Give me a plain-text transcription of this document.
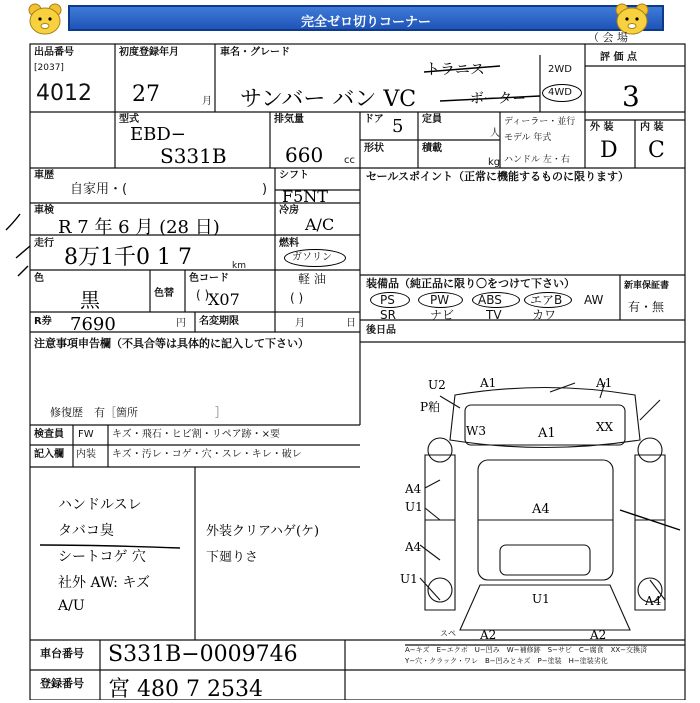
完全ゼロ切りコーナー
（ 会 場
出品番号
[2037]
4012
初度登録年月
27	月
車名・グレード
サンバー バン VC
トラニス
ボーター
2WD
4WD
評 価 点
3
型式
EBD−
S331B
排気量
660 cc
ドア 5
形状
定員
人
積載
kg
ディーラー・並行
モデル 年式
ハンドル 左・右
外 装	内 装
D C
車歴
自家用・(	)
シフト
F5NT
セールスポイント（正常に機能するものに限ります）
車検
R 7 年 6 月 (28 日)
冷房
A/C
走行
8万1千0 1 7	km
燃料
ガソリン
軽 油
( )
色
黒	色替
色コード
( )
X07
装備品（純正品に限り〇をつけて下さい）	新車保証書
有・無
PS	PW ABS エアB AW
SR	ナビ	TV	カワ
後日品
R券 7690	円 名変期限	月	日
注意事項申告欄（不具合等は具体的に記入して下さい）
修復歴　有［箇所　　　　　　　］
検査員 FW キズ・飛石・ヒビ割・リペア跡・×要
記入欄 内装 キズ・汚レ・コゲ・穴・スレ・キレ・破レ
ハンドルスレ
タバコ臭
シートコゲ 穴
社外 AW: キズ
A/U
外装クリアハゲ(ケ)
下廻りさ
U2	A1	A1
P粕
W3	A1	XX
A4
U1
A4
A4
U1
A4
U1
A2	A2
スペ
A−キズ　E−エクボ　U−凹み　W−補修跡　S−サビ　C−腐食　XX−交換済
Y−穴・クラック・ワレ　B−凹みとキズ　P−塗装　H−塗装劣化
車台番号 S331B−0009746
登録番号 宮 480 7 2534
